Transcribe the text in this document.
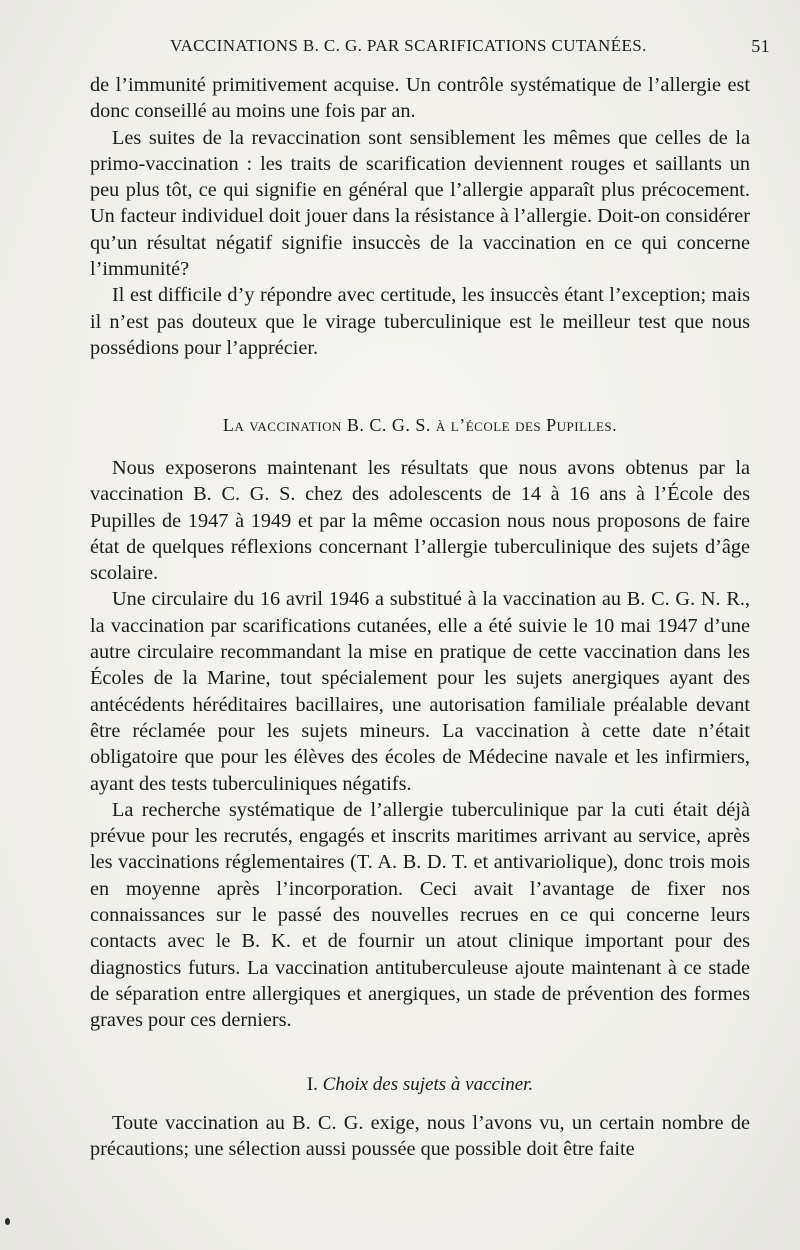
VACCINATIONS B. C. G. PAR SCARIFICATIONS CUTANÉES.	51

de l’immunité primitivement acquise. Un contrôle systématique de l’allergie est donc conseillé au moins une fois par an.

Les suites de la revaccination sont sensiblement les mêmes que celles de la primo-vaccination : les traits de scarification deviennent rouges et saillants un peu plus tôt, ce qui signifie en général que l’allergie apparaît plus précocement. Un facteur individuel doit jouer dans la résistance à l’allergie. Doit-on considérer qu’un résultat négatif signifie insuccès de la vaccination en ce qui concerne l’immunité?

Il est difficile d’y répondre avec certitude, les insuccès étant l’exception; mais il n’est pas douteux que le virage tuberculinique est le meilleur test que nous possédions pour l’apprécier.

La vaccination B. C. G. S. à l’école des Pupilles.

Nous exposerons maintenant les résultats que nous avons obtenus par la vaccination B. C. G. S. chez des adolescents de 14 à 16 ans à l’École des Pupilles de 1947 à 1949 et par la même occasion nous nous proposons de faire état de quelques réflexions concernant l’allergie tuberculinique des sujets d’âge scolaire.

Une circulaire du 16 avril 1946 a substitué à la vaccination au B. C. G. N. R., la vaccination par scarifications cutanées, elle a été suivie le 10 mai 1947 d’une autre circulaire recommandant la mise en pratique de cette vaccination dans les Écoles de la Marine, tout spécialement pour les sujets anergiques ayant des antécédents héréditaires bacillaires, une autorisation familiale préalable devant être réclamée pour les sujets mineurs. La vaccination à cette date n’était obligatoire que pour les élèves des écoles de Médecine navale et les infirmiers, ayant des tests tuberculiniques négatifs.

La recherche systématique de l’allergie tuberculinique par la cuti était déjà prévue pour les recrutés, engagés et inscrits maritimes arrivant au service, après les vaccinations réglementaires (T. A. B. D. T. et antivariolique), donc trois mois en moyenne après l’incorporation. Ceci avait l’avantage de fixer nos connaissances sur le passé des nouvelles recrues en ce qui concerne leurs contacts avec le B. K. et de fournir un atout clinique important pour des diagnostics futurs. La vaccination antituberculeuse ajoute maintenant à ce stade de séparation entre allergiques et anergiques, un stade de prévention des formes graves pour ces derniers.

I. Choix des sujets à vacciner.

Toute vaccination au B. C. G. exige, nous l’avons vu, un certain nombre de précautions; une sélection aussi poussée que possible doit être faite
